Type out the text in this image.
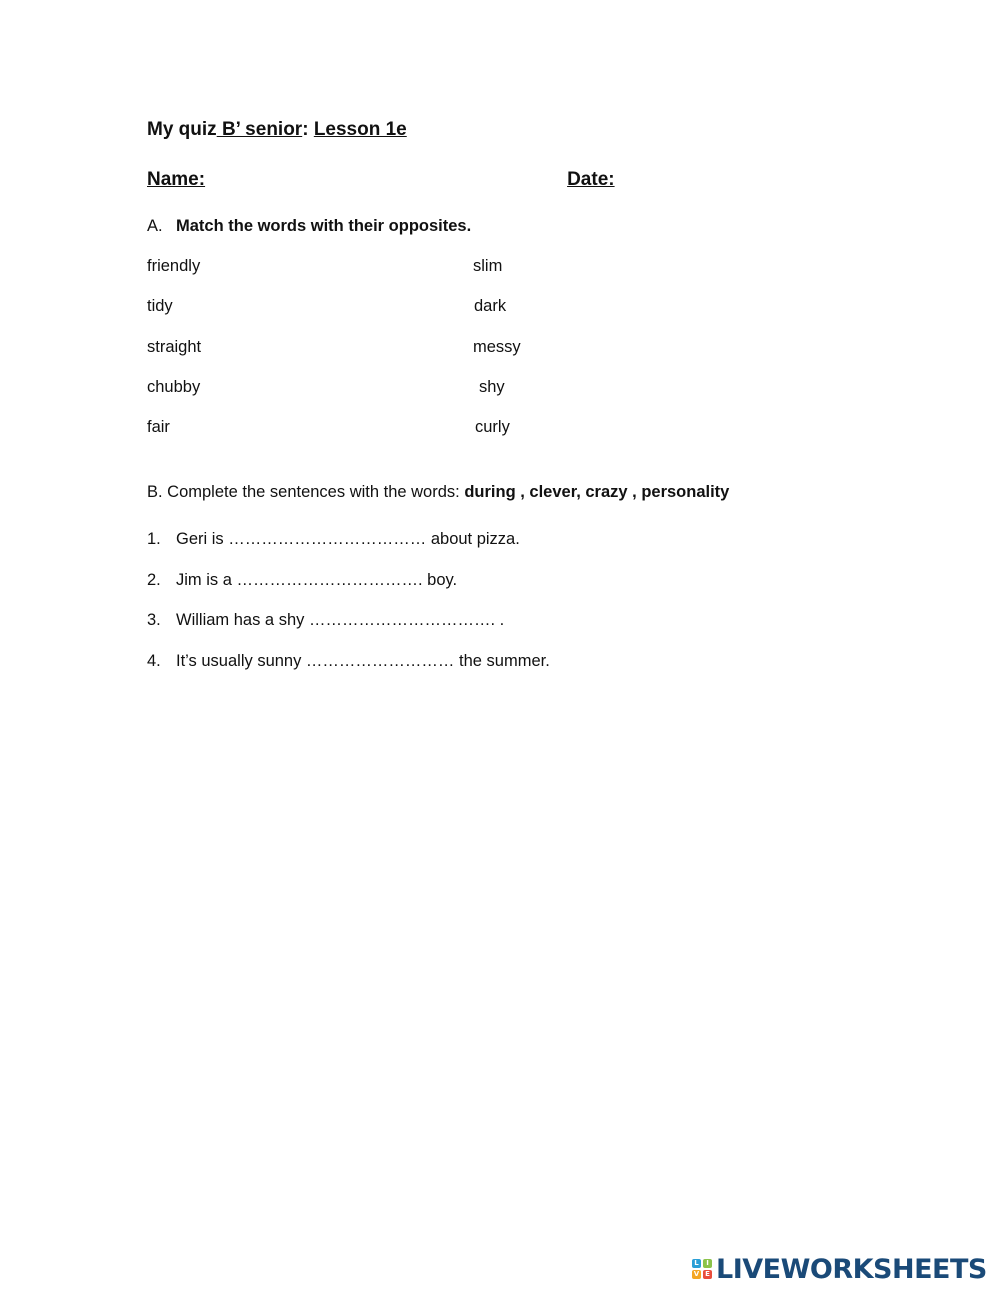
My quiz B’ senior: Lesson 1e
Name:	Date:
A. Match the words with their opposites.
friendly	slim
tidy	dark
straight	messy
chubby	shy
fair	curly
B. Complete the sentences with the words: during , clever, crazy , personality
1. Geri is ……………………………… about pizza.
2. Jim is a ……………………………. boy.
3. William has a shy ……………………………. .
4. It’s usually sunny ……………………… the summer.
L	I
V E LIVEWORKSHEETS
